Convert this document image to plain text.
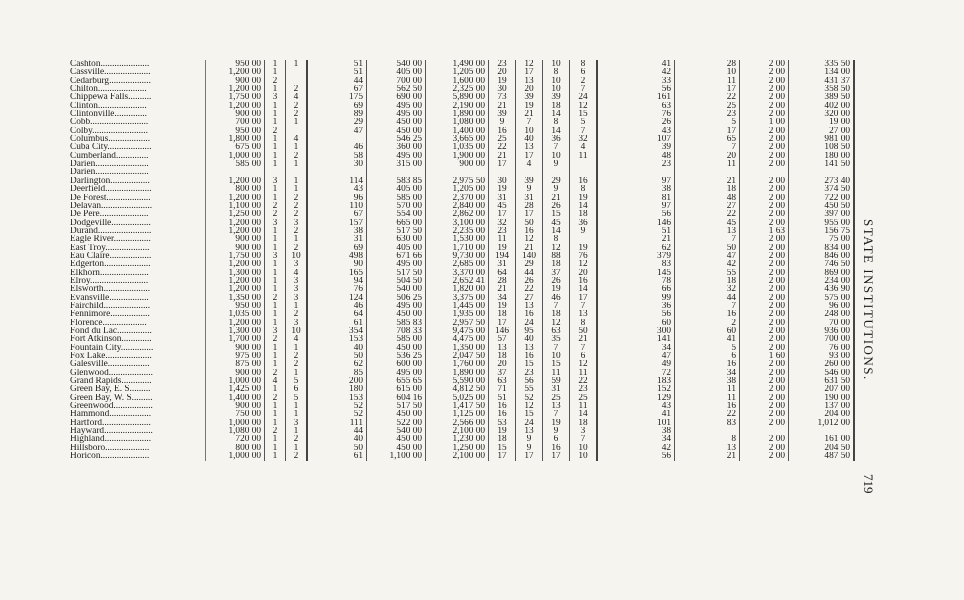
Cashton.....................	950 00	1	1	51	540 00	1,490 00	23	12	10	8	41	28	2 00	335 50
Cassville....................	1,200 00	1		51	405 00	1,205 00	20	17	8	6	42	10	2 00	134 00
Cedarburg..................	900 00	2		44	700 00	1,600 00	19	13	10	2	33	11	2 00	431 37
Chilton.....................	1,200 00	1	2	67	562 50	2,325 00	30	20	10	7	56	17	2 00	358 50
Chippewa Falls..........	1,750 00	3	4	175	690 00	5,890 00	73	39	39	24	161	22	2 00	389 50
Clinton.....................	1,200 00	1	2	69	495 00	2,190 00	21	19	18	12	63	25	2 00	402 00
Clintonville..............	900 00	1	2	89	495 00	1,890 00	39	21	14	15	76	23	2 00	320 00
Cobb.........................	700 00	1	1	29	450 00	1,080 00	9	7	8	5	26	5	1 00	19 00
Colby........................	950 00	2		47	450 00	1,400 00	16	10	14	7	43	17	2 00	27 00
Columbus..................	1,800 00	1	4		546 25	3,665 00	25	40	36	32	107	65	2 00	981 00
Cuba City...................	675 00	1	1	46	360 00	1,035 00	22	13	7	4	39	7	2 00	108 50
Cumberland..............	1,000 00	1	2	58	495 00	1,900 00	21	17	10	11	48	20	2 00	180 00
Darien.......................	585 00	1	1	30	315 00	900 00	17	4	9		23	11	2 00	141 50
Darien.......................														
Darlington.................	1,200 00	3	1	114	583 85	2,975 50	30	39	29	16	97	21	2 00	273 40
Deerfield....................	800 00	1	1	43	405 00	1,205 00	19	9	9	8	38	18	2 00	374 50
De Forest...................	1,200 00	1	2	96	585 00	2,370 00	31	31	21	19	81	48	2 00	722 00
Delavan......................	1,100 00	2	2	110	570 00	2,840 00	45	28	26	14	97	27	2 00	450 50
De Pere.....................	1,250 00	2	2	67	554 00	2,862 00	17	17	15	18	56	22	2 00	397 00
Dodgeville.................	1,200 00	3	3	157	665 00	3,100 00	32	50	45	36	146	45	2 00	955 00
Durand.......................	1,200 00	1	2	38	517 50	2,235 00	23	16	14	9	51	13	1 63	156 75
Eagle River................	900 00	1	1	31	630 00	1,530 00	11	12	8		21	7	2 00	75 00
East Troy...................	900 00	1	2	69	405 00	1,710 00	19	21	12	19	62	50	2 00	834 00
Eau Claire..................	1,750 00	3	10	498	671 66	9,730 00	194	140	88	76	379	47	2 00	846 00
Edgerton....................	1,200 00	1	3	90	495 00	2,685 00	31	29	18	12	83	42	2 00	746 50
Elkhorn.....................	1,300 00	1	4	165	517 50	3,370 00	64	44	37	20	145	55	2 00	869 00
Elroy.........................	1,200 00	1	3	94	504 50	2,652 41	28	26	26	16	78	18	2 00	234 00
Elsworth....................	1,200 00	1	3	76	540 00	1,820 00	21	22	19	14	66	32	2 00	436 90
Evansville.................	1,350 00	2	3	124	506 25	3,375 00	34	27	46	17	99	44	2 00	575 00
Fairchild....................	950 00	1	1	46	495 00	1,445 00	19	13	7	7	36	7	2 00	96 00
Fennimore.................	1,035 00	1	2	64	450 00	1,935 00	18	16	18	13	56	16	2 00	248 00
Florence...................	1,200 00	1	3	61	585 83	2,957 50	17	24	12	8	60	2	2 00	70 00
Fond du Lac...............	1,300 00	3	10	354	708 33	9,475 00	146	95	63	50	300	60	2 00	936 00
Fort Atkinson.............	1,700 00	2	4	153	585 00	4,475 00	57	40	35	21	141	41	2 00	700 00
Fountain City..............	900 00	1	1	40	450 00	1,350 00	13	13	7	7	34	5	2 00	76 00
Fox Lake....................	975 00	1	2	50	536 25	2,047 50	18	16	10	6	47	6	1 60	93 00
Galesville..................	875 00	1	2	62	600 00	1,760 00	20	15	15	12	49	16	2 00	260 00
Glenwood...................	900 00	2	1	85	495 00	1,890 00	37	23	11	11	72	34	2 00	546 00
Grand Rapids.............	1,000 00	4	5	200	655 65	5,590 00	63	56	59	22	183	38	2 00	631 50
Green Bay, E. S.........	1,425 00	1	6	180	615 00	4,812 50	71	55	31	23	152	11	2 00	207 00
Green Bay, W. S.........	1,400 00	2	5	153	604 16	5,025 00	51	52	25	25	129	11	2 00	190 00
Greenwood.................	900 00	1	1	52	517 50	1,417 50	16	12	13	11	43	16	2 00	137 00
Hammond..................	750 00	1	1	52	450 00	1,125 00	16	15	7	14	41	22	2 00	204 00
Hartford.....................	1,000 00	1	3	111	522 00	2,566 00	53	24	19	18	101	83	2 00	1,012 00
Hayward.....................	1,080 00	2	1	44	540 00	2,100 00	19	13	9	3	38			
Highland....................	720 00	1	2	40	450 00	1,230 00	18	9	6	7	34	8	2 00	161 00
Hillsboro...................	800 00	1	1	50	450 00	1,250 00	15	9	16	10	42	13	2 00	204 50
Horicon.....................	1,000 00	1	2	61	1,100 00	2,100 00	17	17	17	10	56	21	2 00	487 50
STATE INSTITUTIONS.
719
